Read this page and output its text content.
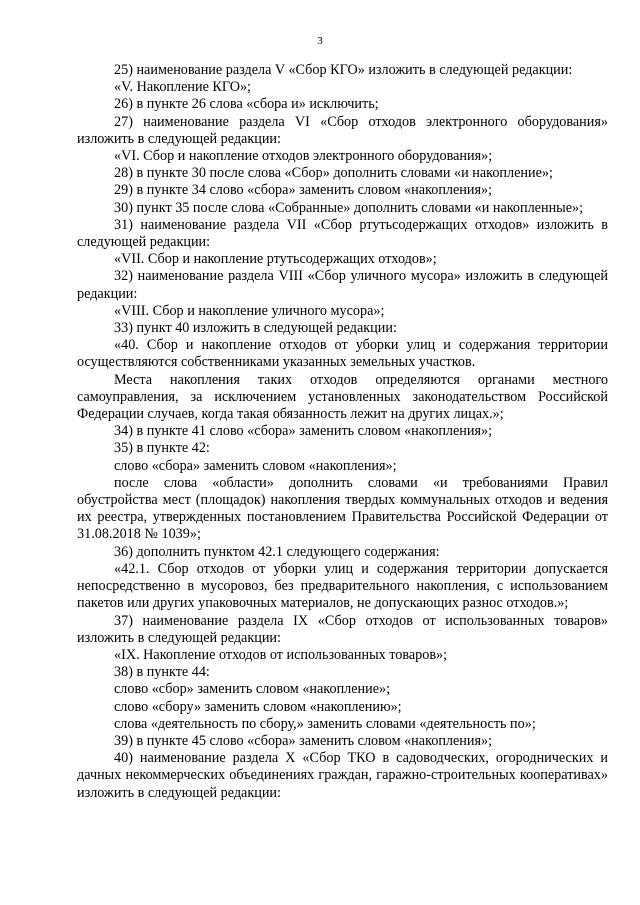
3

25) наименование раздела V «Сбор КГО» изложить в следующей редакции:

«V. Накопление КГО»;

26) в пункте 26 слова «сбора и» исключить;

27) наименование раздела VI «Сбор отходов электронного оборудования» изложить в следующей редакции:

«VI. Сбор и накопление отходов электронного оборудования»;

28) в пункте 30 после слова «Сбор» дополнить словами «и накопление»;

29) в пункте 34 слово «сбора» заменить словом «накопления»;

30) пункт 35 после слова «Собранные» дополнить словами «и накопленные»;

31) наименование раздела VII «Сбор ртутьсодержащих отходов» изложить в следующей редакции:

«VII. Сбор и накопление ртутьсодержащих отходов»;

32) наименование раздела VIII «Сбор уличного мусора» изложить в следующей редакции:

«VIII. Сбор и накопление уличного мусора»;

33) пункт 40 изложить в следующей редакции:

«40. Сбор и накопление отходов от уборки улиц и содержания территории осуществляются собственниками указанных земельных участков.

Места накопления таких отходов определяются органами местного самоуправления, за исключением установленных законодательством Российской Федерации случаев, когда такая обязанность лежит на других лицах.»;

34) в пункте 41 слово «сбора» заменить словом «накопления»;

35) в пункте 42:

слово «сбора» заменить словом «накопления»;

после слова «области» дополнить словами «и требованиями Правил обустройства мест (площадок) накопления твердых коммунальных отходов и ведения их реестра, утвержденных постановлением Правительства Российской Федерации от 31.08.2018 № 1039»;

36) дополнить пунктом 42.1 следующего содержания:

«42.1. Сбор отходов от уборки улиц и содержания территории допускается непосредственно в мусоровоз, без предварительного накопления, с использованием пакетов или других упаковочных материалов, не допускающих разнос отходов.»;

37) наименование раздела IX «Сбор отходов от использованных товаров» изложить в следующей редакции:

«IX. Накопление отходов от использованных товаров»;

38) в пункте 44:

слово «сбор» заменить словом «накопление»;

слово «сбору» заменить словом «накоплению»;

слова «деятельность по сбору,» заменить словами «деятельность по»;

39) в пункте 45 слово «сбора» заменить словом «накопления»;

40) наименование раздела X «Сбор ТКО в садоводческих, огороднических и дачных некоммерческих объединениях граждан, гаражно-строительных кооперативах» изложить в следующей редакции:
